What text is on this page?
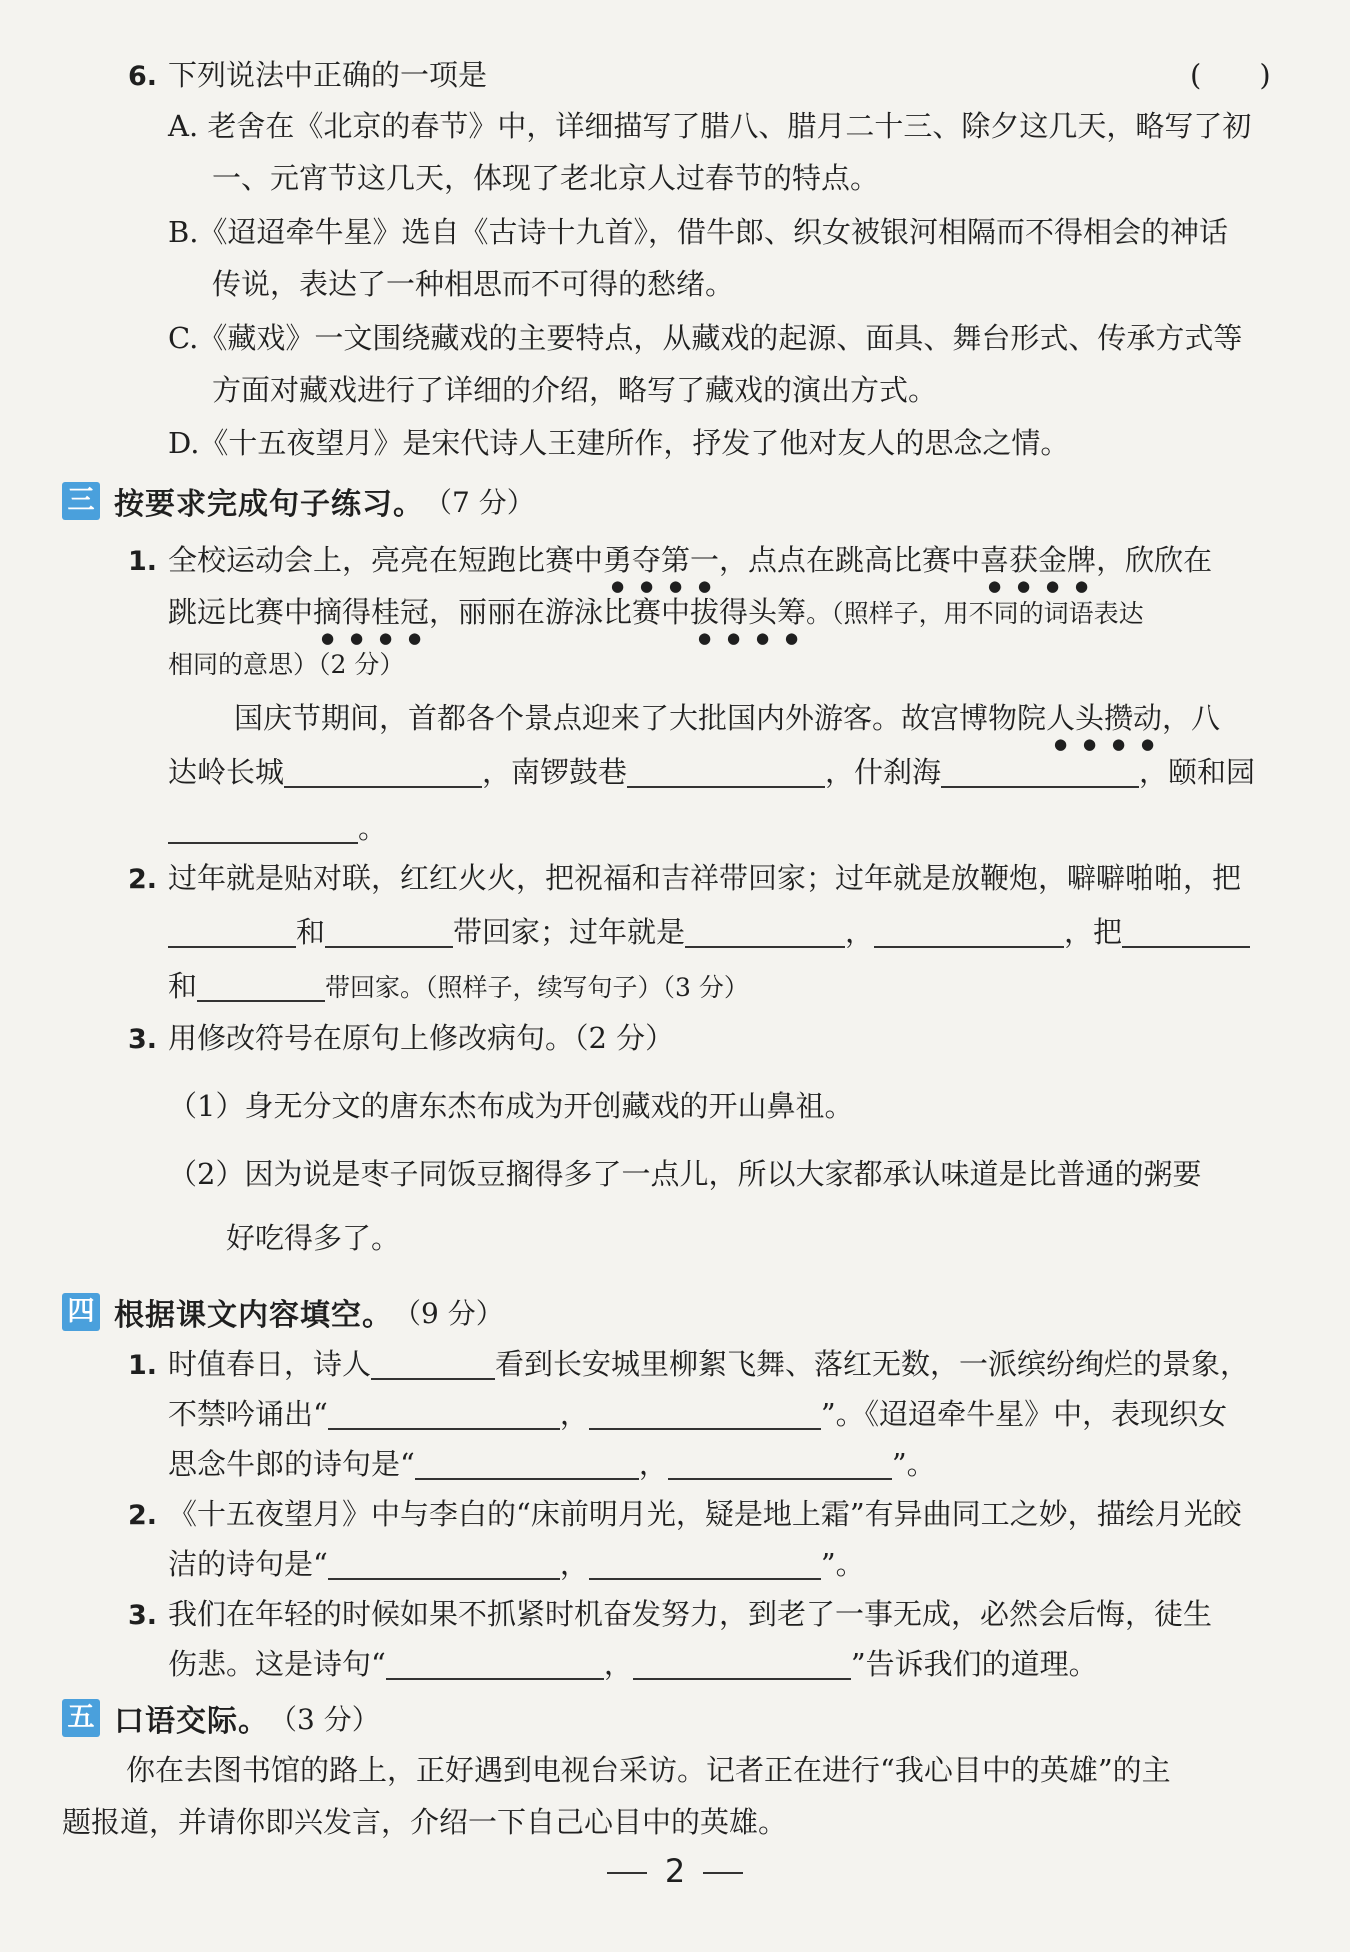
6. 下列说法中正确的一项是	(　　)
A. 老舍在《北京的春节》中，详细描写了腊八、腊月二十三、除夕这几天，略写了初
一、元宵节这几天，体现了老北京人过春节的特点。
B.《迢迢牵牛星》选自《古诗十九首》，借牛郎、织女被银河相隔而不得相会的神话
传说，表达了一种相思而不可得的愁绪。
C.《藏戏》一文围绕藏戏的主要特点，从藏戏的起源、面具、舞台形式、传承方式等
方面对藏戏进行了详细的介绍，略写了藏戏的演出方式。
D.《十五夜望月》是宋代诗人王建所作，抒发了他对友人的思念之情。
三 按要求完成句子练习。 （7 分）
1. 全校运动会上，亮亮在短跑比赛中勇夺第一，点点在跳高比赛中喜获金牌，欣欣在
跳远比赛中摘得桂冠，丽丽在游泳比赛中拔得头筹。（照样子，用不同的词语表达
相同的意思）（2 分）
国庆节期间，首都各个景点迎来了大批国内外游客。故宫博物院人头攒动，八
达岭长城	，南锣鼓巷	，什刹海	，颐和园
。
2. 过年就是贴对联，红红火火，把祝福和吉祥带回家；过年就是放鞭炮，噼噼啪啪，把
和	带回家；过年就是	，	，把
和	带回家。（照样子，续写句子）（3 分）
3. 用修改符号在原句上修改病句。（2 分）
（1）身无分文的唐东杰布成为开创藏戏的开山鼻祖。
（2）因为说是枣子同饭豆搁得多了一点儿，所以大家都承认味道是比普通的粥要
好吃得多了。
四 根据课文内容填空。 （9 分）
1. 时值春日，诗人	看到长安城里柳絮飞舞、落红无数，一派缤纷绚烂的景象，
不禁吟诵出“	，	”。《迢迢牵牛星》中，表现织女
思念牛郎的诗句是“	，	”。
2. 《十五夜望月》中与李白的“床前明月光，疑是地上霜”有异曲同工之妙，描绘月光皎
洁的诗句是“	，	”。
3. 我们在年轻的时候如果不抓紧时机奋发努力，到老了一事无成，必然会后悔，徒生
伤悲。这是诗句“	，	”告诉我们的道理。
五 口语交际。 （3 分）
你在去图书馆的路上，正好遇到电视台采访。记者正在进行“我心目中的英雄”的主
题报道，并请你即兴发言，介绍一下自己心目中的英雄。
2
